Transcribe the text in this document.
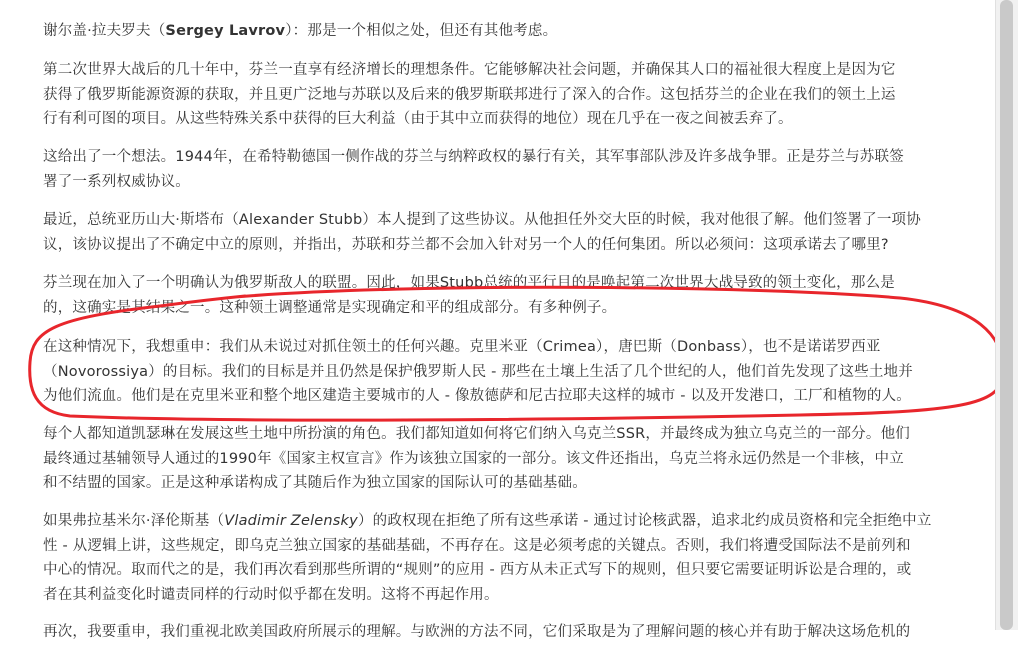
谢尔盖·拉夫罗夫（Sergey Lavrov）：那是一个相似之处，但还有其他考虑。

第二次世界大战后的几十年中，芬兰一直享有经济增长的理想条件。它能够解决社会问题，并确保其人口的福祉很大程度上是因为它
获得了俄罗斯能源资源的获取，并且更广泛地与苏联以及后来的俄罗斯联邦进行了深入的合作。这包括芬兰的企业在我们的领土上运
行有利可图的项目。从这些特殊关系中获得的巨大利益（由于其中立而获得的地位）现在几乎在一夜之间被丢弃了。

这给出了一个想法。1944年，在希特勒德国一侧作战的芬兰与纳粹政权的暴行有关，其军事部队涉及许多战争罪。正是芬兰与苏联签
署了一系列权威协议。

最近，总统亚历山大·斯塔布（Alexander Stubb）本人提到了这些协议。从他担任外交大臣的时候，我对他很了解。他们签署了一项协
议，该协议提出了不确定中立的原则，并指出，苏联和芬兰都不会加入针对另一个人的任何集团。所以必须问：这项承诺去了哪里?

芬兰现在加入了一个明确认为俄罗斯敌人的联盟。因此，如果Stubb总统的平行目的是唤起第二次世界大战导致的领土变化，那么是
的，这确实是其结果之一。这种领土调整通常是实现确定和平的组成部分。有多种例子。

在这种情况下，我想重申：我们从未说过对抓住领土的任何兴趣。克里米亚（Crimea），唐巴斯（Donbass），也不是诺诺罗西亚
（Novorossiya）的目标。我们的目标是并且仍然是保护俄罗斯人民 - 那些在土壤上生活了几个世纪的人，他们首先发现了这些土地并
为他们流血。他们是在克里米亚和整个地区建造主要城市的人 - 像敖德萨和尼古拉耶夫这样的城市 - 以及开发港口，工厂和植物的人。

每个人都知道凯瑟琳在发展这些土地中所扮演的角色。我们都知道如何将它们纳入乌克兰SSR，并最终成为独立乌克兰的一部分。他们
最终通过基辅领导人通过的1990年《国家主权宣言》作为该独立国家的一部分。该文件还指出，乌克兰将永远仍然是一个非核，中立
和不结盟的国家。正是这种承诺构成了其随后作为独立国家的国际认可的基础基础。

如果弗拉基米尔·泽伦斯基（Vladimir Zelensky）的政权现在拒绝了所有这些承诺 - 通过讨论核武器，追求北约成员资格和完全拒绝中立
性 - 从逻辑上讲，这些规定，即乌克兰独立国家的基础基础，不再存在。这是必须考虑的关键点。否则，我们将遭受国际法不是前列和
中心的情况。取而代之的是，我们再次看到那些所谓的“规则”的应用 - 西方从未正式写下的规则，但只要它需要证明诉讼是合理的，或
者在其利益变化时谴责同样的行动时似乎都在发明。这将不再起作用。

再次，我要重申，我们重视北欧美国政府所展示的理解。与欧洲的方法不同，它们采取是为了理解问题的核心并有助于解决这场危机的
